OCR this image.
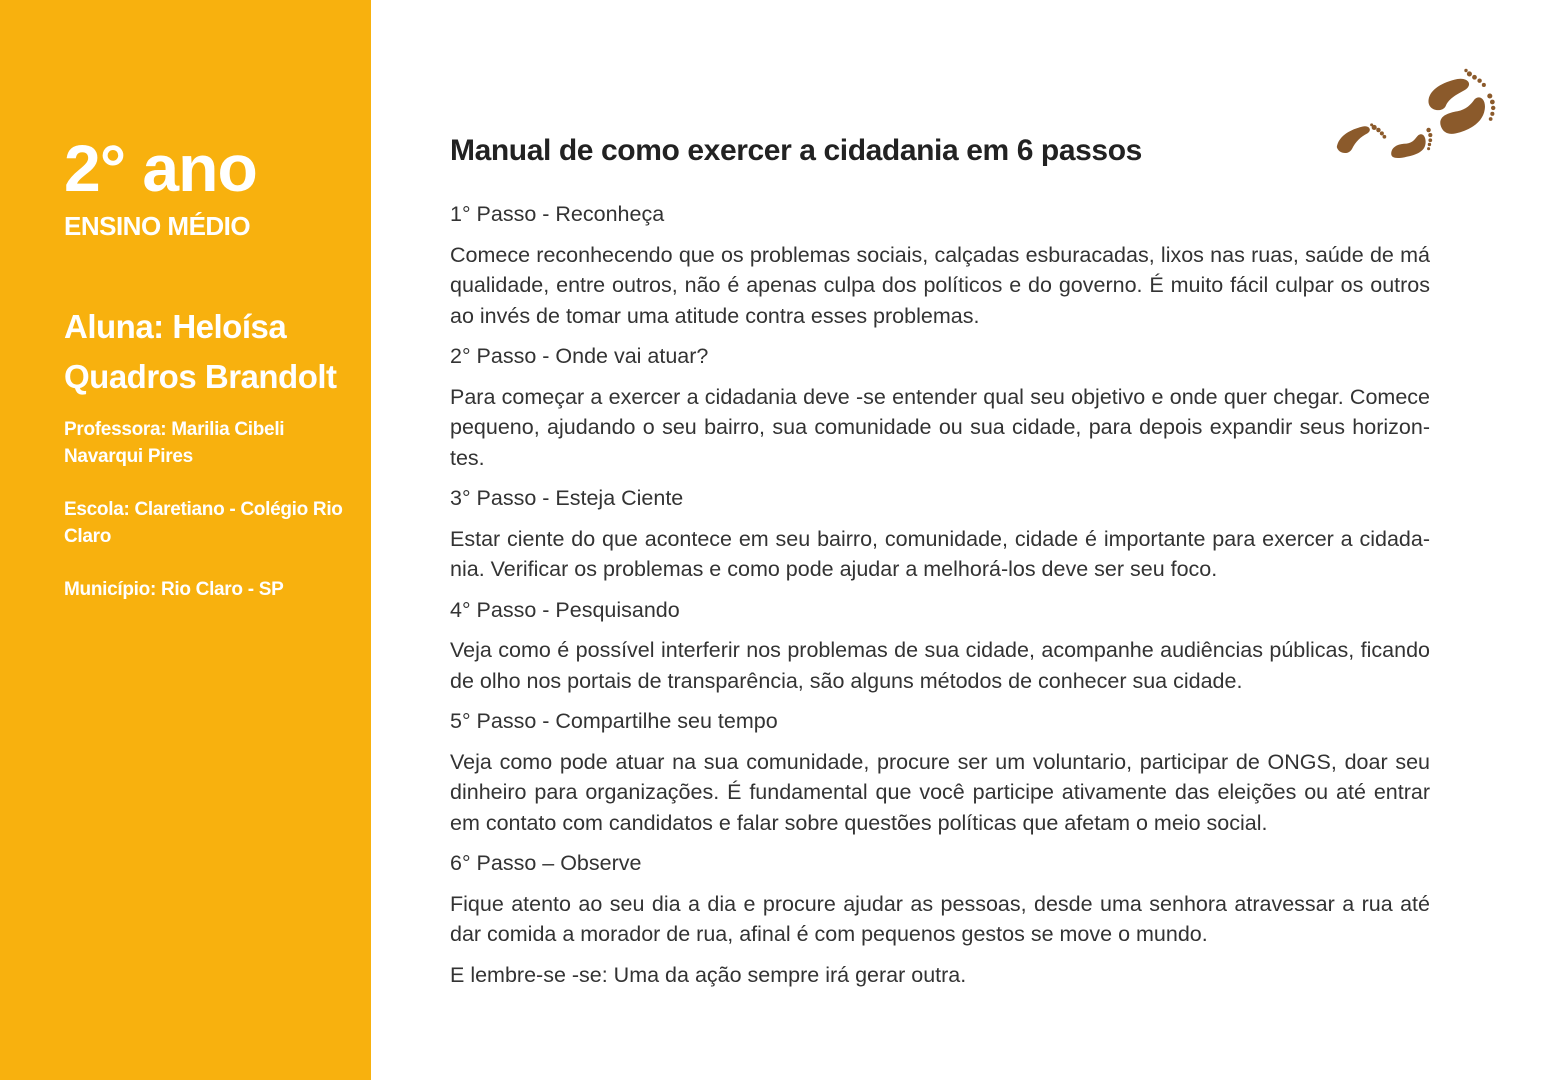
2° ano
ENSINO MÉDIO
Aluna: Heloísa Quadros Brandolt
Professora: Marilia Cibeli Navarqui Pires
Escola: Claretiano - Colégio Rio Claro
Município: Rio Claro - SP
Manual de como exercer a cidadania em 6 passos
1° Passo - Reconheça
Comece reconhecendo que os problemas sociais, calçadas esburacadas, lixos nas ruas, saúde de má qualidade, entre outros, não é apenas culpa dos políticos e do governo. É muito fácil culpar os outros ao invés de tomar uma atitude contra esses problemas.
2° Passo - Onde vai atuar?
Para começar a exercer a cidadania deve -se entender qual seu objetivo e onde quer chegar. Comece pequeno, ajudando o seu bairro, sua comunidade ou sua cidade, para depois expandir seus horizon-tes.
3° Passo - Esteja Ciente
Estar ciente do que acontece em seu bairro, comunidade, cidade é importante para exercer a cidada-nia. Verificar os problemas e como pode ajudar a melhorá-los deve ser seu foco.
4° Passo - Pesquisando
Veja como é possível interferir nos problemas de sua cidade, acompanhe audiências públicas, ficando de olho nos portais de transparência, são alguns métodos de conhecer sua cidade.
5° Passo - Compartilhe seu tempo
Veja como pode atuar na sua comunidade, procure ser um voluntario, participar de ONGS, doar seu dinheiro para organizações. É fundamental que você participe ativamente das eleições ou até entrar em contato com candidatos e falar sobre questões políticas que afetam o meio social.
6° Passo – Observe
Fique atento ao seu dia a dia e procure ajudar as pessoas, desde uma senhora atravessar a rua até dar comida a morador de rua, afinal é com pequenos gestos se move o mundo.
E lembre-se -se: Uma da ação sempre irá gerar outra.
